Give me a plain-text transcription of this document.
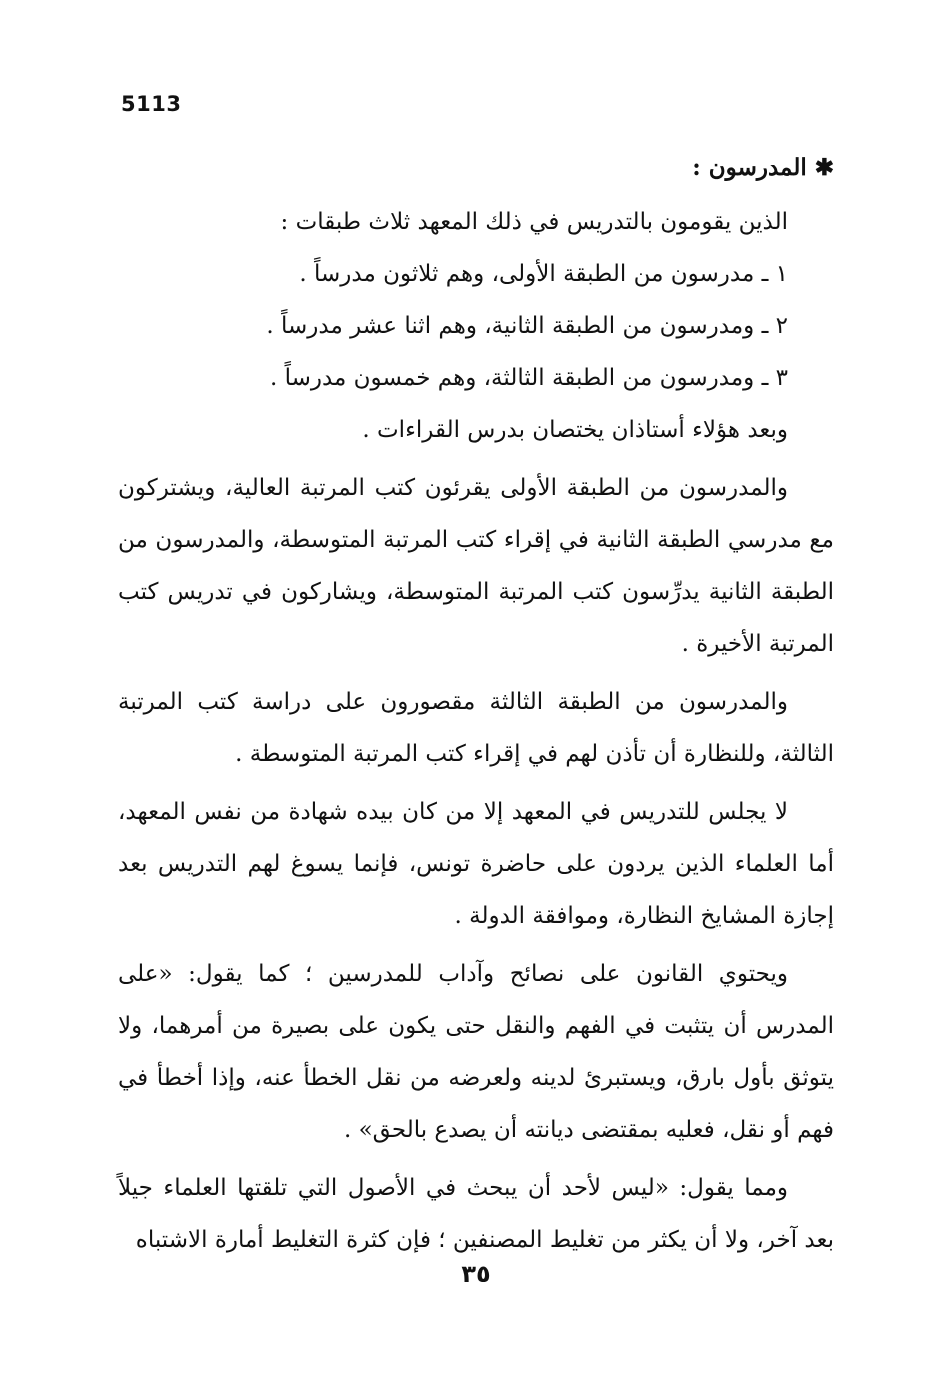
5113
✱المدرسون :
الذين يقومون بالتدريس في ذلك المعهد ثلاث طبقات :
١ ـ مدرسون من الطبقة الأولى، وهم ثلاثون مدرساً .
٢ ـ ومدرسون من الطبقة الثانية، وهم اثنا عشر مدرساً .
٣ ـ ومدرسون من الطبقة الثالثة، وهم خمسون مدرساً .
وبعد هؤلاء أستاذان يختصان بدرس القراءات .

والمدرسون من الطبقة الأولى يقرئون كتب المرتبة العالية، ويشتركون مع مدرسي الطبقة الثانية في إقراء كتب المرتبة المتوسطة، والمدرسون من الطبقة الثانية يدرِّسون كتب المرتبة المتوسطة، ويشاركون في تدريس كتب المرتبة الأخيرة .

والمدرسون من الطبقة الثالثة مقصورون على دراسة كتب المرتبة الثالثة، وللنظارة أن تأذن لهم في إقراء كتب المرتبة المتوسطة .

لا يجلس للتدريس في المعهد إلا من كان بيده شهادة من نفس المعهد، أما العلماء الذين يردون على حاضرة تونس، فإنما يسوغ لهم التدريس بعد إجازة المشايخ النظارة، وموافقة الدولة .

ويحتوي القانون على نصائح وآداب للمدرسين ؛ كما يقول: «على المدرس أن يتثبت في الفهم والنقل حتى يكون على بصيرة من أمرهما، ولا يتوثق بأول بارق، ويستبرئ لدينه ولعرضه من نقل الخطأ عنه، وإذا أخطأ في فهم أو نقل، فعليه بمقتضى ديانته أن يصدع بالحق» .

ومما يقول: «ليس لأحد أن يبحث في الأصول التي تلقتها العلماء جيلاً بعد آخر، ولا أن يكثر من تغليط المصنفين ؛ فإن كثرة التغليط أمارة الاشتباه

٣٥
